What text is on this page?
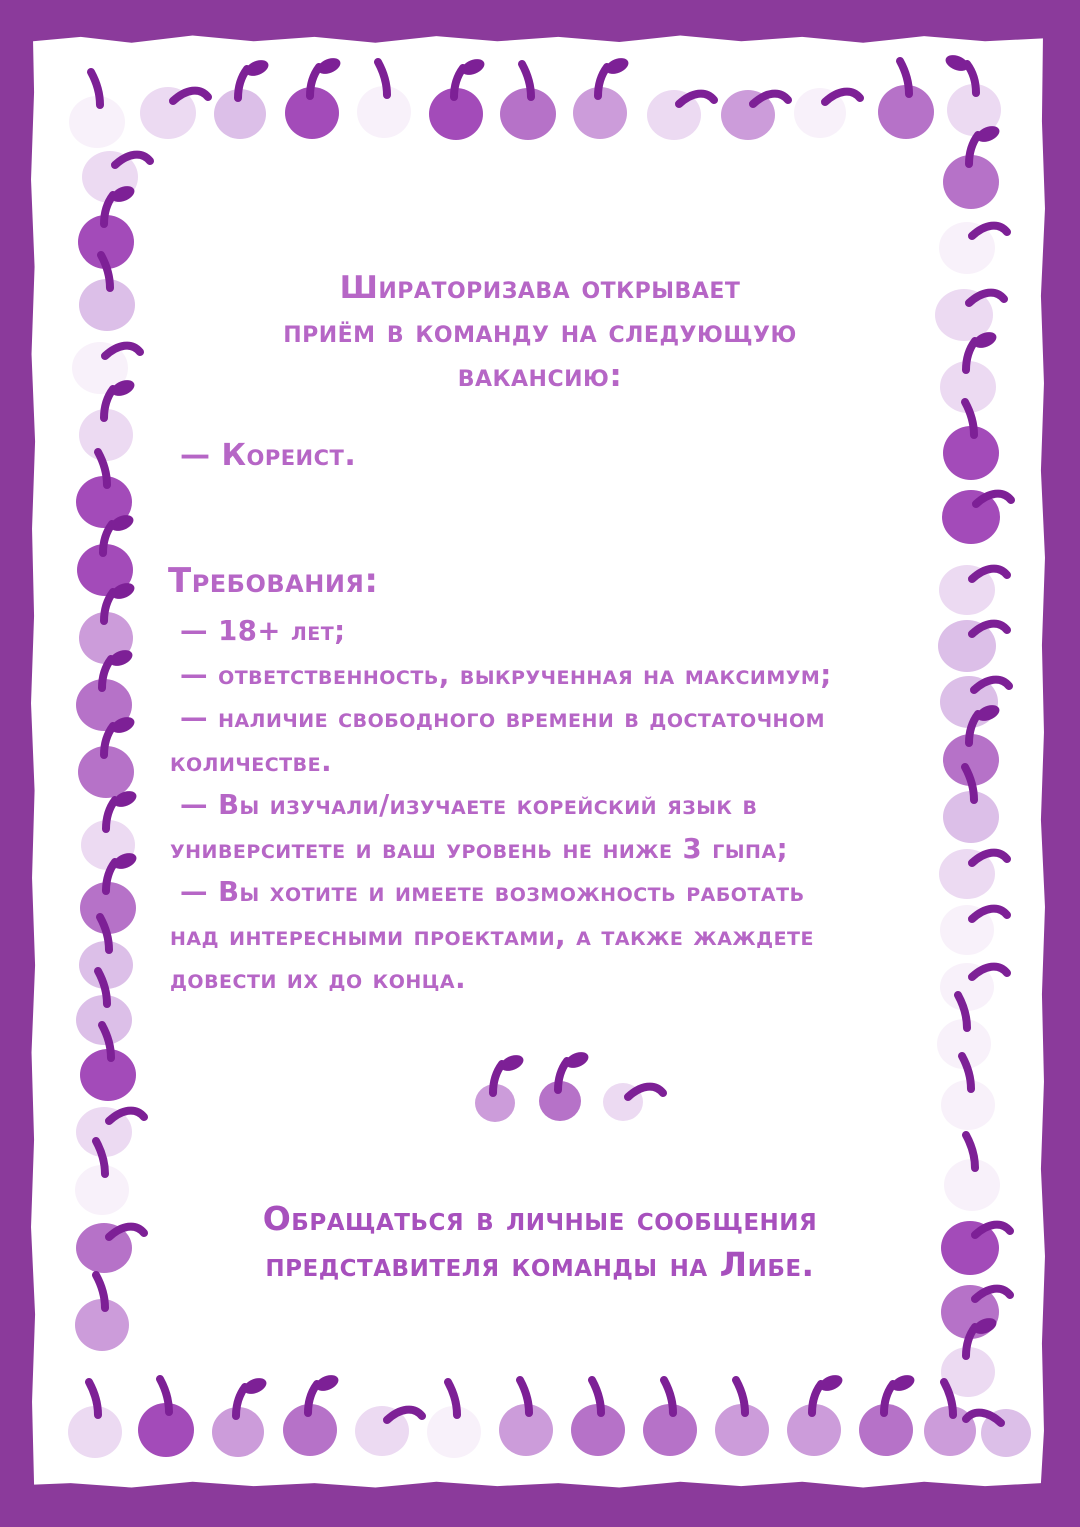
Шираторизава открывает
приём в команду на следующую
вакансию:
— Кореист.
Требования:
— 18+ лет;
— ответственность, выкрученная на максимум;
— наличие свободного времени в достаточном
количестве.
— Вы изучали/изучаете корейский язык в
университете и ваш уровень не ниже 3 гыпа;
— Вы хотите и имеете возможность работать
над интересными проектами, а также жаждете
довести их до конца.
Обращаться в личные сообщения
представителя команды на Либе.
